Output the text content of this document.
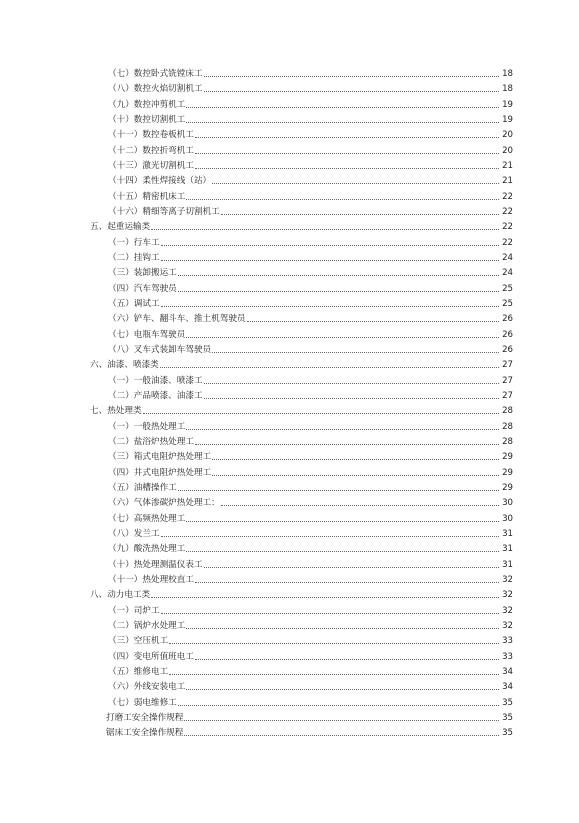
（七）数控卧式铣镗床工	18
（八）数控火焰切割机工	18
（九）数控冲剪机工	19
（十）数控切割机工	19
（十一）数控卷板机工	20
（十二）数控折弯机工	20
（十三）激光切割机工	21
（十四）柔性焊接线（站）	21
（十五）精密机床工	22
（十六）精细等离子切割机工	22
五、起重运输类	22
（一）行车工	22
（二）挂钩工	24
（三）装卸搬运工	24
（四）汽车驾驶员	25
（五）调试工	25
（六）铲车、翻斗车、推土机驾驶员	26
（七）电瓶车驾驶员	26
（八）叉车式装卸车驾驶员	26
六、油漆、喷漆类	27
（一）一般油漆、喷漆工	27
（二）产品喷漆、油漆工	27
七、热处理类	28
（一）一般热处理工	28
（二）盐浴炉热处理工	28
（三）箱式电阻炉热处理工	29
（四）井式电阻炉热处理工	29
（五）油槽操作工	29
（六）气体渗碳炉热处理工：	30
（七）高频热处理工	30
（八）发兰工	31
（九）酸洗热处理工	31
（十）热处理测温仪表工	31
（十一）热处理校直工	32
八、动力电工类	32
（一）司炉工	32
（二）锅炉水处理工	32
（三）空压机工	33
（四）变电所值班电工	33
（五）维修电工	34
（六）外线安装电工	34
（七）弱电维修工	35
打磨工安全操作规程	35
锯床工安全操作规程	35
